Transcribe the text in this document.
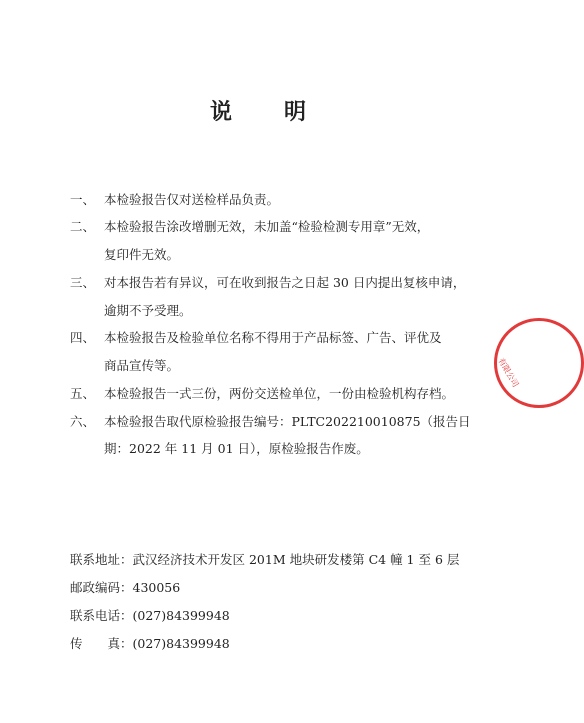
说 明
一、 本检验报告仅对送检样品负责。
二、 本检验报告涂改增删无效，未加盖“检验检测专用章”无效，
复印件无效。
三、 对本报告若有异议，可在收到报告之日起 30 日内提出复核申请，
逾期不予受理。
四、 本检验报告及检验单位名称不得用于产品标签、广告、评优及
商品宣传等。
五、 本检验报告一式三份，两份交送检单位，一份由检验机构存档。
六、 本检验报告取代原检验报告编号：PLTC202210010875（报告日
期：2022 年 11 月 01 日），原检验报告作废。
联系地址：武汉经济技术开发区 201M 地块研发楼第 C4 幢 1 至 6 层
邮政编码：430056
联系电话：(027)84399948
传　　真：(027)84399948
有限公司
